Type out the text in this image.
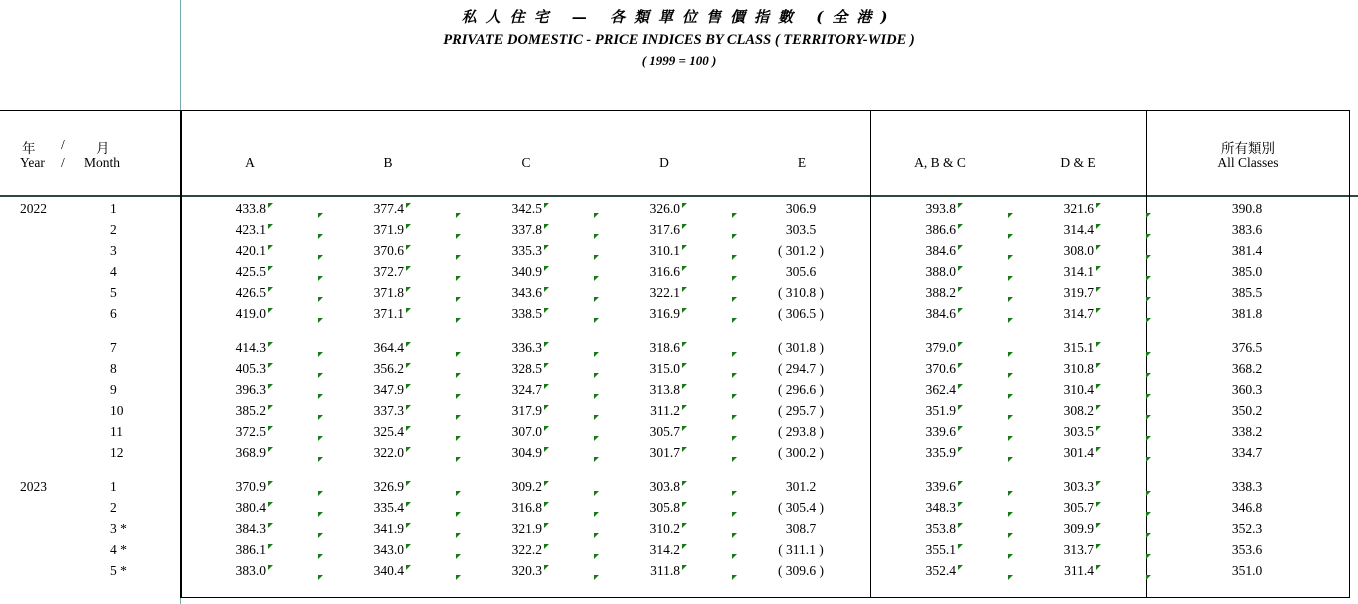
私人住宅 — 各類單位售價指數 (全港)
PRIVATE DOMESTIC - PRICE INDICES BY CLASS ( TERRITORY-WIDE )
( 1999 = 100 )
年 / 月
Year / Month	A	B	C	D	E	A, B & C	D & E
所有類別
All Classes
2022	1	433.8	377.4	342.5	326.0	306.9	393.8	321.6	390.8
2	423.1	371.9	337.8	317.6	303.5	386.6	314.4	383.6
3	420.1	370.6	335.3	310.1	( 301.2 )	384.6	308.0	381.4
4	425.5	372.7	340.9	316.6	305.6	388.0	314.1	385.0
5	426.5	371.8	343.6	322.1	( 310.8 )	388.2	319.7	385.5
6	419.0	371.1	338.5	316.9	( 306.5 )	384.6	314.7	381.8
7	414.3	364.4	336.3	318.6	( 301.8 )	379.0	315.1	376.5
8	405.3	356.2	328.5	315.0	( 294.7 )	370.6	310.8	368.2
9	396.3	347.9	324.7	313.8	( 296.6 )	362.4	310.4	360.3
10	385.2	337.3	317.9	311.2	( 295.7 )	351.9	308.2	350.2
11	372.5	325.4	307.0	305.7	( 293.8 )	339.6	303.5	338.2
12	368.9	322.0	304.9	301.7	( 300.2 )	335.9	301.4	334.7
2023	1	370.9	326.9	309.2	303.8	301.2	339.6	303.3	338.3
2	380.4	335.4	316.8	305.8	( 305.4 )	348.3	305.7	346.8
3 *	384.3	341.9	321.9	310.2	308.7	353.8	309.9	352.3
4 *	386.1	343.0	322.2	314.2	( 311.1 )	355.1	313.7	353.6
5 *	383.0	340.4	320.3	311.8	( 309.6 )	352.4	311.4	351.0
